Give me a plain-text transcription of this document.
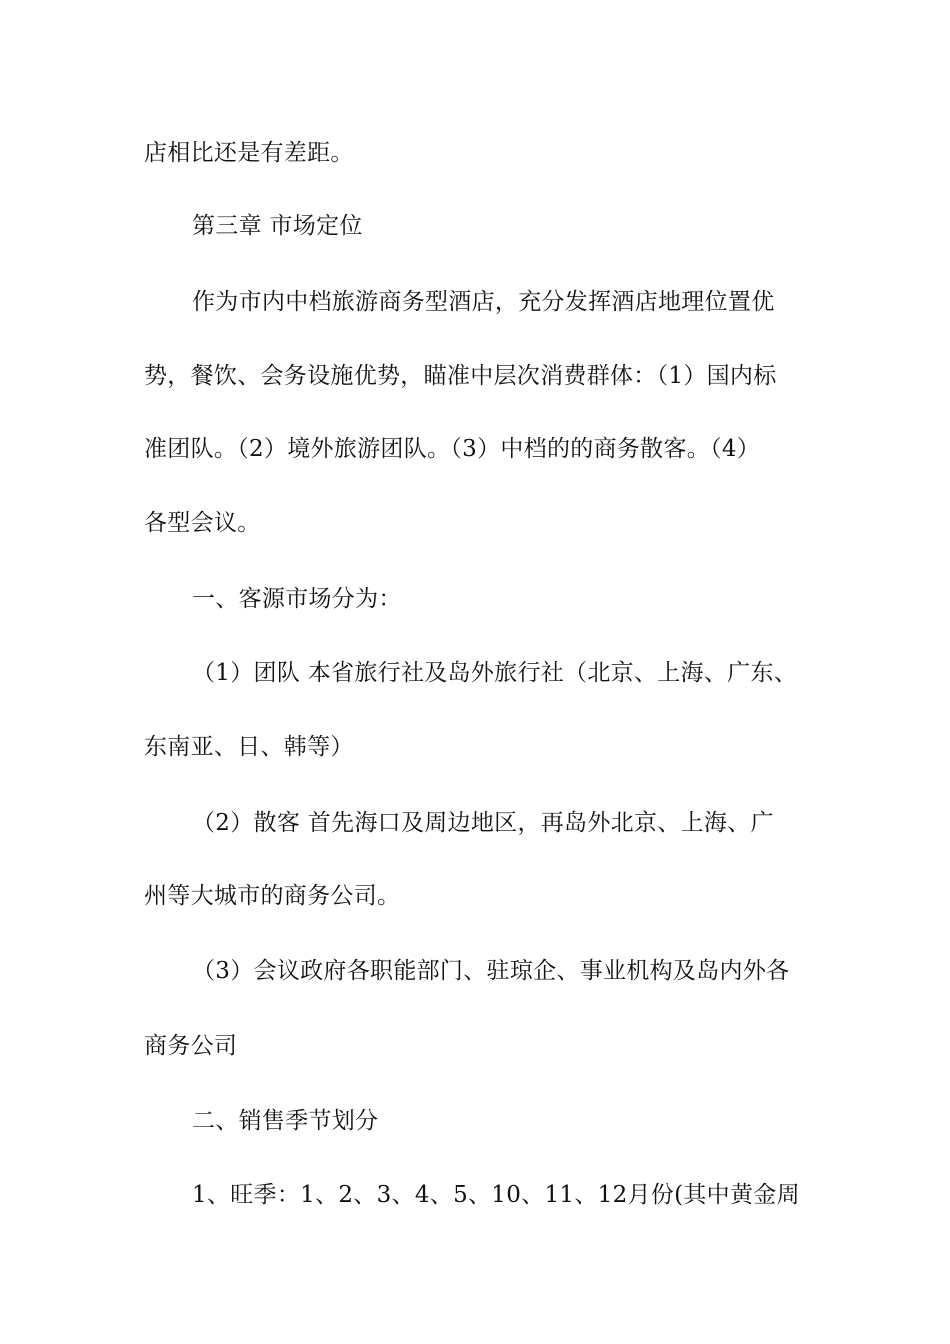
店相比还是有差距。
第三章 市场定位
作为市内中档旅游商务型酒店，充分发挥酒店地理位置优
势，餐饮、会务设施优势，瞄准中层次消费群体：（1）国内标
准团队。（2）境外旅游团队。（3）中档的的商务散客。（4）
各型会议。
一、客源市场分为：
（1）团队 本省旅行社及岛外旅行社（北京、上海、广东、
东南亚、日、韩等）
（2）散客 首先海口及周边地区，再岛外北京、上海、广
州等大城市的商务公司。
（3）会议政府各职能部门、驻琼企、事业机构及岛内外各
商务公司
二、销售季节划分
1、旺季：1、2、3、4、5、10、11、12月份(其中黄金周
